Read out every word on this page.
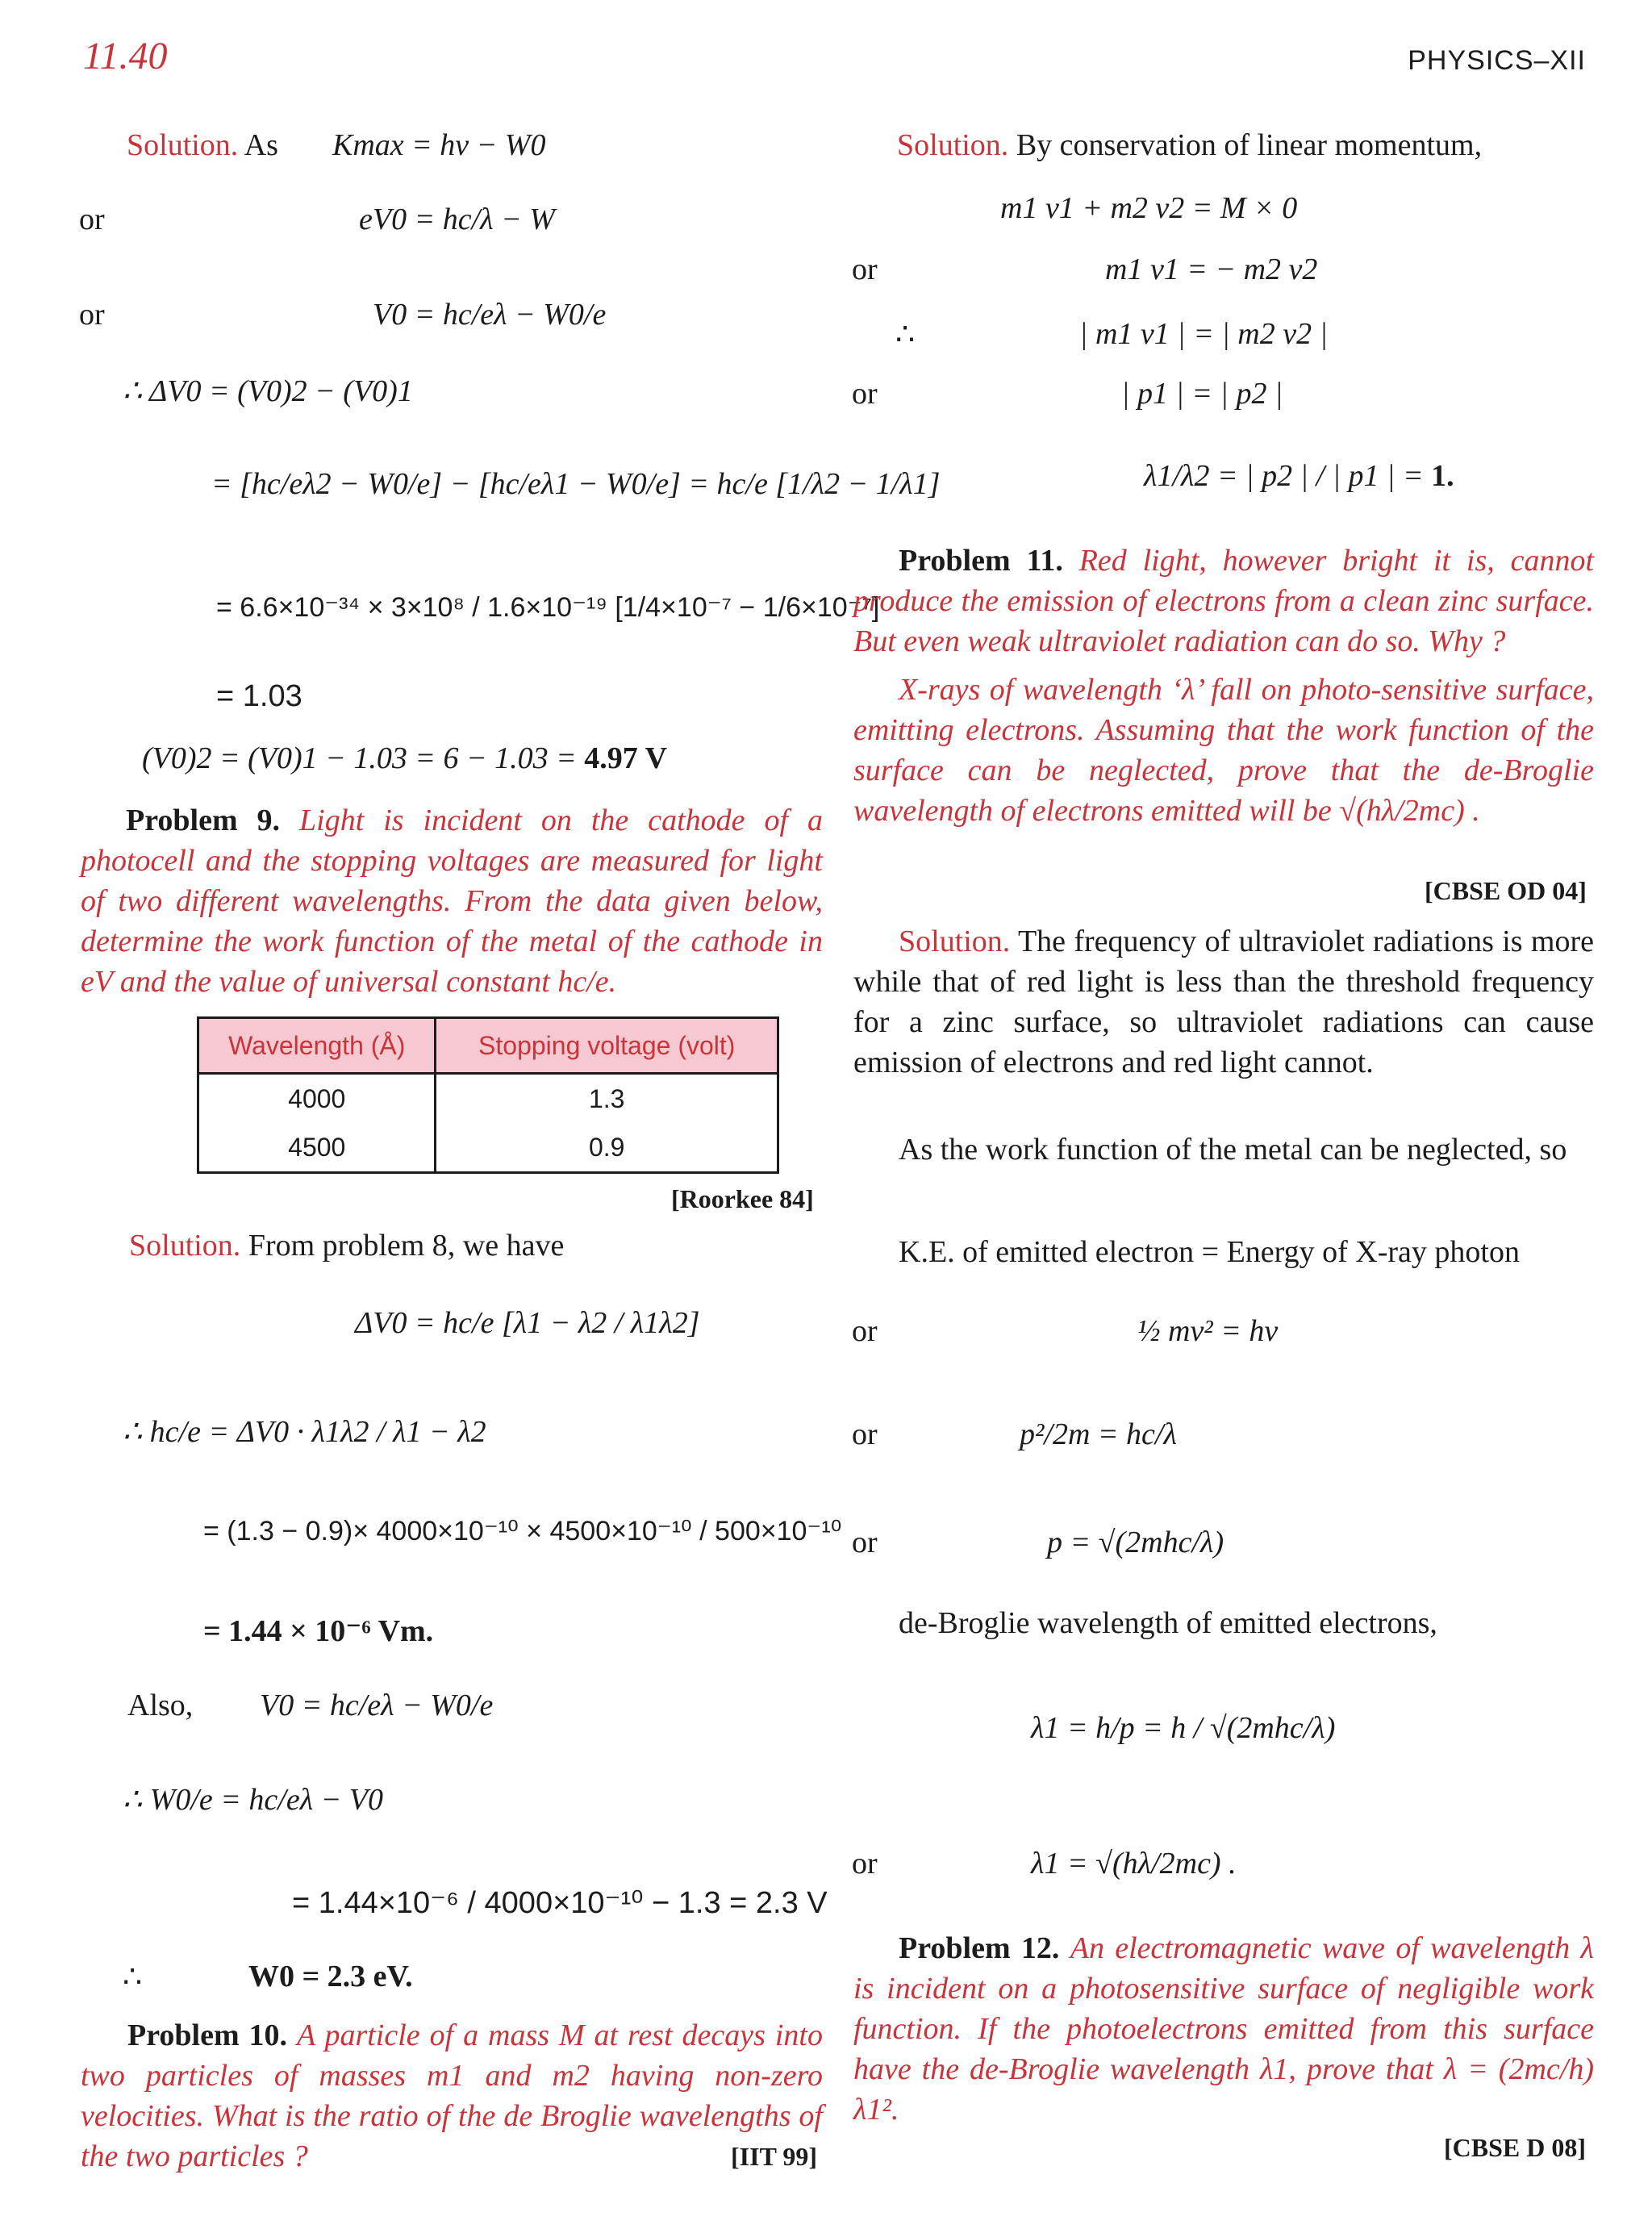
11.40	PHYSICS–XII
Solution. As Kmax = hν − W0
or	eV0 = hc/λ − W
or	V0 = hc/eλ − W0/e
∴ ΔV0 = (V0)2 − (V0)1
= [hc/eλ2 − W0/e] − [hc/eλ1 − W0/e] = hc/e [1/λ2 − 1/λ1]
= 6.6×10⁻³⁴ × 3×10⁸ / 1.6×10⁻¹⁹ [1/4×10⁻⁷ − 1/6×10⁻⁷]
= 1.03
(V0)2 = (V0)1 − 1.03 = 6 − 1.03 = 4.97 V
Problem 9. Light is incident on the cathode of a photocell and the stopping voltages are measured for light of two different wavelengths. From the data given below, determine the work function of the metal of the cathode in eV and the value of universal constant hc/e.
Wavelength (Å)	Stopping voltage (volt)
4000	1.3
4500	0.9
[Roorkee 84]
Solution. From problem 8, we have
ΔV0 = hc/e [λ1 − λ2 / λ1λ2]
∴ hc/e = ΔV0 · λ1λ2 / λ1 − λ2
= (1.3 − 0.9)× 4000×10⁻¹⁰ × 4500×10⁻¹⁰ / 500×10⁻¹⁰
= 1.44 × 10⁻⁶ Vm.
Also, V0 = hc/eλ − W0/e
∴ W0/e = hc/eλ − V0
= 1.44×10⁻⁶ / 4000×10⁻¹⁰ − 1.3 = 2.3 V
∴	W0 = 2.3 eV.
Problem 10. A particle of a mass M at rest decays into two particles of masses m1 and m2 having non-zero velocities. What is the ratio of the de Broglie wavelengths of the two particles ?	[IIT 99]
Solution. By conservation of linear momentum,
m1 v1 + m2 v2 = M × 0
or	m1 v1 = − m2 v2
∴	| m1 v1 | = | m2 v2 |
or	| p1 | = | p2 |
λ1/λ2 = | p2 | / | p1 | = 1.
Problem 11. Red light, however bright it is, cannot produce the emission of electrons from a clean zinc surface. But even weak ultraviolet radiation can do so. Why ?
X-rays of wavelength ‘λ’ fall on photo-sensitive surface, emitting electrons. Assuming that the work function of the surface can be neglected, prove that the de-Broglie wavelength of electrons emitted will be √(hλ/2mc) .
[CBSE OD 04]
Solution. The frequency of ultraviolet radiations is more while that of red light is less than the threshold frequency for a zinc surface, so ultraviolet radiations can cause emission of electrons and red light cannot.
As the work function of the metal can be neglected, so
K.E. of emitted electron = Energy of X-ray photon
or	½ mv² = hν
or	p²/2m = hc/λ
or	p = √(2mhc/λ)
de-Broglie wavelength of emitted electrons,
λ1 = h/p = h / √(2mhc/λ)
or	λ1 = √(hλ/2mc) .
Problem 12. An electromagnetic wave of wavelength λ is incident on a photosensitive surface of negligible work function. If the photoelectrons emitted from this surface have the de-Broglie wavelength λ1, prove that λ = (2mc/h) λ1².
[CBSE D 08]
